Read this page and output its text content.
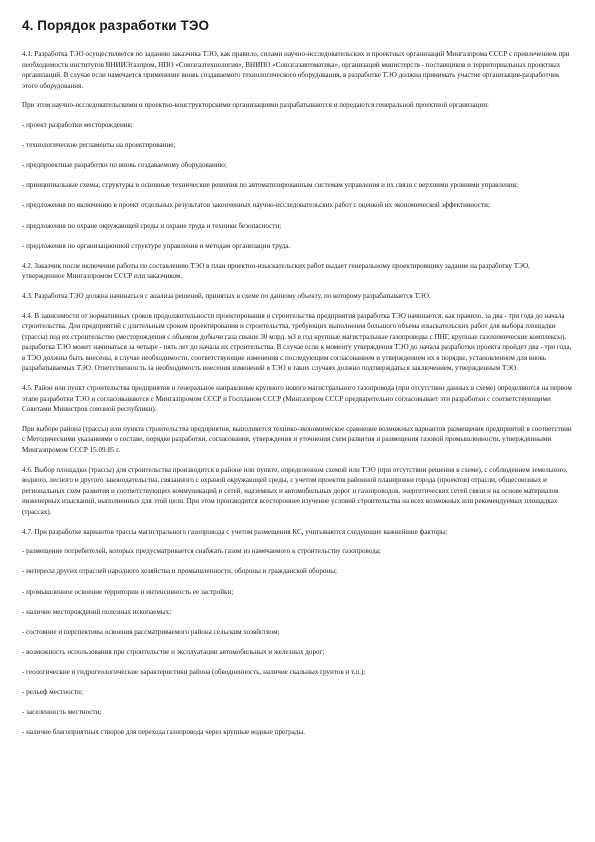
4. Порядок разработки ТЭО
4.1. Разработка ТЭО осуществляется по заданию заказчика ТЭО, как правило, силами научно-исследовательских и проектных организаций Мингазпрома СССР с привлечением при необходимости институтов ВНИИЭгазпром, НПО «Союзгазтехнология», ВНИПО «Союзгазавтоматика», организаций министерств - поставщиков и территориальных проектных организаций. В случае если намечается применение вновь создаваемого технологического оборудования, в разработке ТЭО должна принимать участие организация-разработчик этого оборудования.
При этом научно-исследовательскими и проектно-конструкторскими организациями разрабатываются и передаются генеральной проектной организации:
- проект разработки месторождения;
- технологические регламенты на проектирование;
- предпроектные разработки по вновь создаваемому оборудованию;
- принципиальные схемы, структуры и основные технические решения по автоматизированным системам управления и их связи с верхними уровнями управления;
- предложения по включению в проект отдельных результатов законченных научно-исследовательских работ с оценкой их экономической эффективности;
- предложения по охране окружающей среды и охране труда и техники безопасности;
- предложения по организационной структуре управления и методам организации труда.
4.2. Заказчик после включения работы по составлению ТЭО в план проектно-изыскательских работ выдает генеральному проектировщику задание на разработку ТЭО, утвержденное Мингазпромом СССР или заказчиком.
4.3. Разработка ТЭО должна начинаться с анализа решений, принятых в схеме по данному объекту, по которому разрабатывается ТЭО.
4.4. В зависимости от нормативных сроков продолжительности проектирования и строительства предприятия разработка ТЭО начинается, как правило, за два - три года до начала строительства. Для предприятий с длительным сроком проектирования и строительства, требующих выполнения большого объема изыскательских работ для выбора площадки (трассы) под их строительство (месторождения с объемом добычи газа свыше 30 млрд. м3 в год крупные магистральные газопроводы с ПНГ, крупные газохимические комплексы), разработка ТЭО может начинаться за четыре - пять лет до начала их строительства. В случае если к моменту утверждения ТЭО до начала разработки проекта пройдет два - три года, в ТЭО должны быть внесены, в случае необходимости, соответствующие изменения с последующим согласованием и утверждением их в порядке, установленном для вновь разрабатываемых ТЭО. Ответственность за необходимость внесения изменений в ТЭО в таких случаях должно подтверждаться заключением, утвержденным ТЭО.
4.5. Район или пункт строительства предприятия и генеральное направление крупного нового магистрального газопровода (при отсутствии данных в схеме) определяются на первом этапе разработки ТЭО и согласовываются с Мингазпромом СССР и Госпланом СССР (Мингазпром СССР предварительно согласовывает эти разработки с соответствующими Советами Министров союзной республики).
При выборе района (трассы) или пункта строительства предприятия, выполняется технико-экономическое сравнение возможных вариантов размещения предприятий в соответствии с Методическими указаниями о составе, порядке разработки, согласования, утверждения и уточнения схем развития и размещения газовой промышленности, утвержденными Мингазпромом СССР 15.09.85 г.
4.6. Выбор площадки (трассы) для строительства производится в районе или пункте, определенном схемой или ТЭО (при отсутствии решения в схеме), с соблюдением земельного, водного, лесного и другого законодательства, связанного с охраной окружающей среды, с учетом проектов районной планировки города (проектов) отрасли, общесоюзных и региональных схем развития и соответствующих коммуникаций и сетей, надземных и автомобильных дорог и газопроводов, энергетических сетей связи и на основе материалов инженерных изысканий, выполненных для этой цели. При этом производится всестороннее изучение условий строительства на всех возможных или рекомендуемых площадках (трассах).
4.7. При разработке вариантов трассы магистрального газопровода с учетом размещения КС, учитываются следующие важнейшие факторы:
- размещение потребителей, которых предусматривается снабжать газом из намечаемого к строительству газопровода;
- интересы других отраслей народного хозяйства и промышленности, обороны и гражданской обороны;
- промышленное освоение территории и интенсивность ее застройки;
- наличие месторождений полезных ископаемых;
- состояние и перспективы освоения рассматриваемого района сельским хозяйством;
- возможность использования при строительстве и эксплуатации автомобильных и железных дорог;
- геологические и гидрогеологические характеристики района (обводненность, наличие скальных грунтов и т.п.);
- рельеф местности;
- заселенность местности;
- наличие благоприятных створов для перехода газопровода через крупные водные преграды.
